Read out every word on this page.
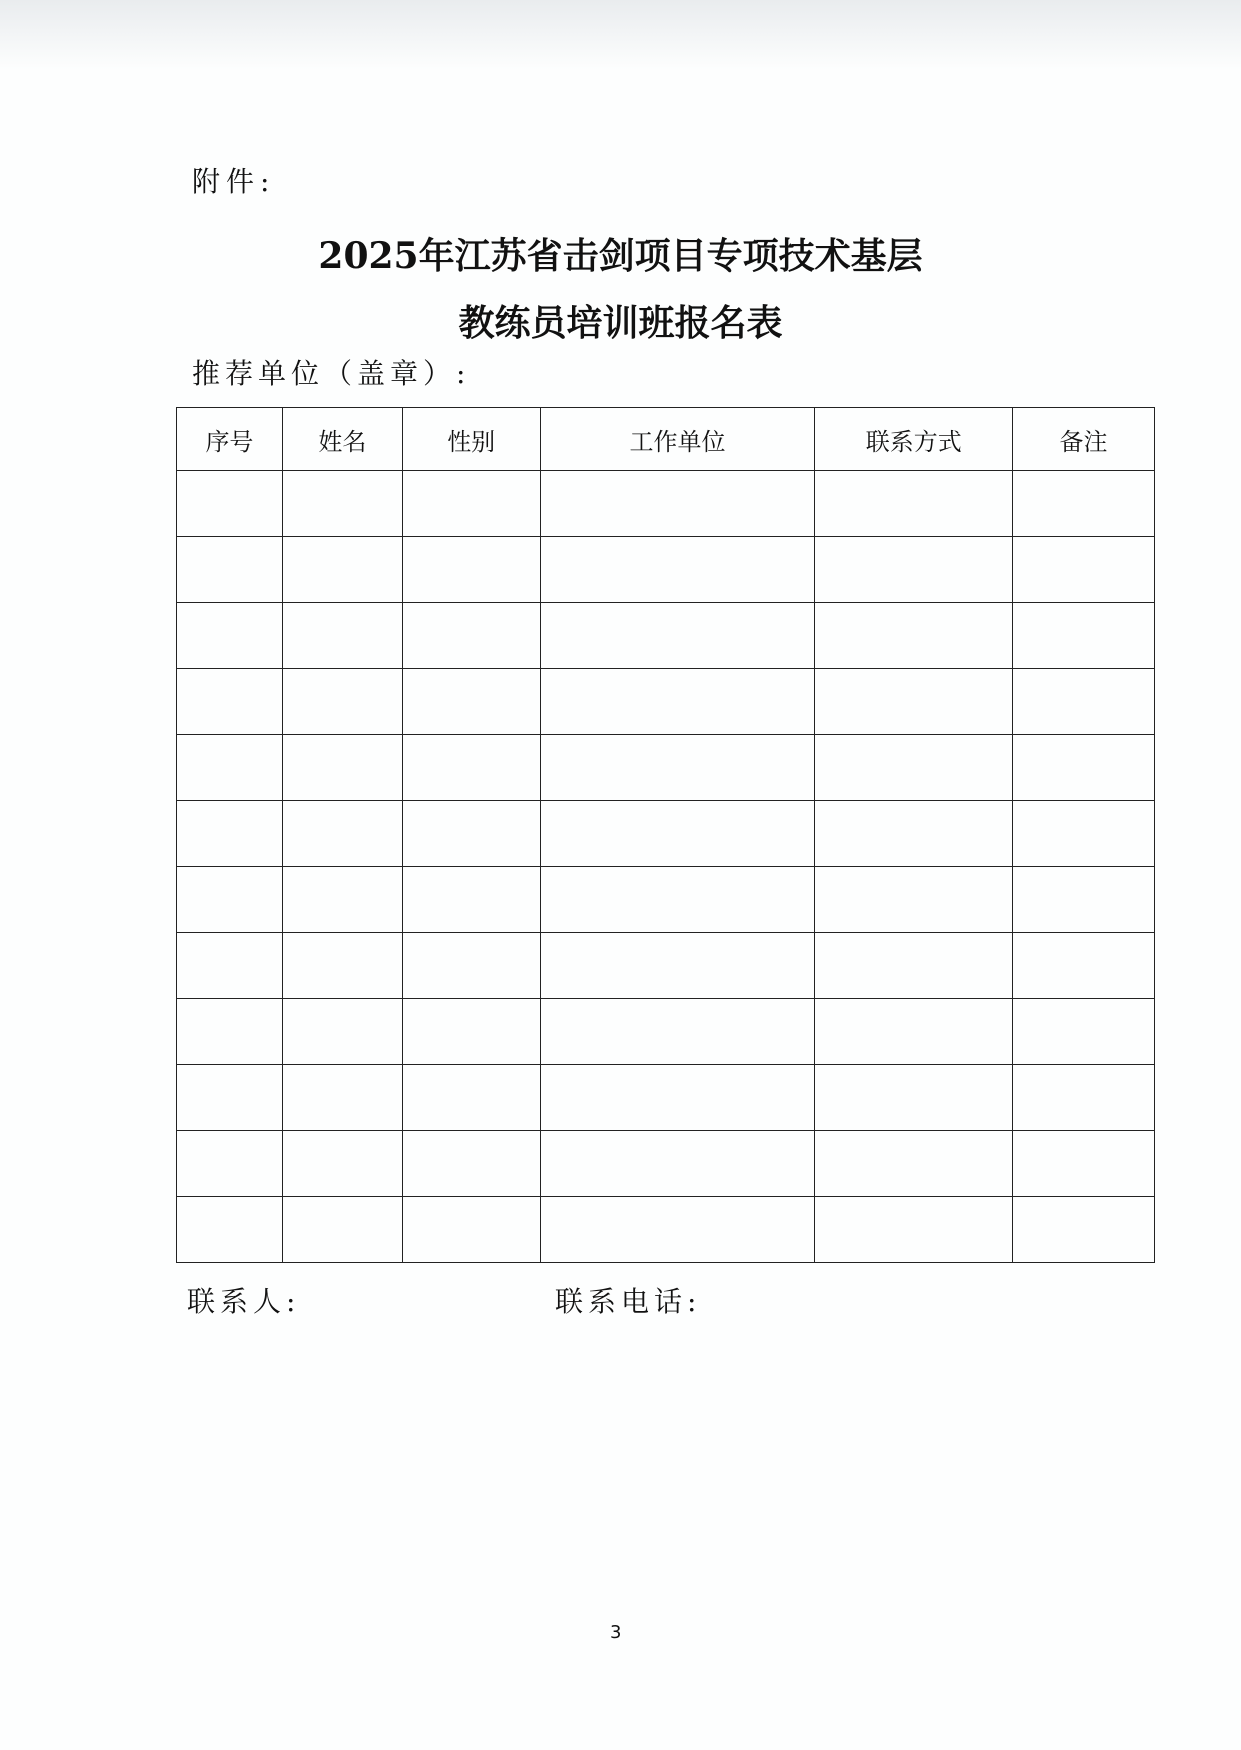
附件:
2025年江苏省击剑项目专项技术基层
教练员培训班报名表
推荐单位（盖章）:
序号	姓名	性别	工作单位	联系方式	备注

联系人:	联系电话:
3
